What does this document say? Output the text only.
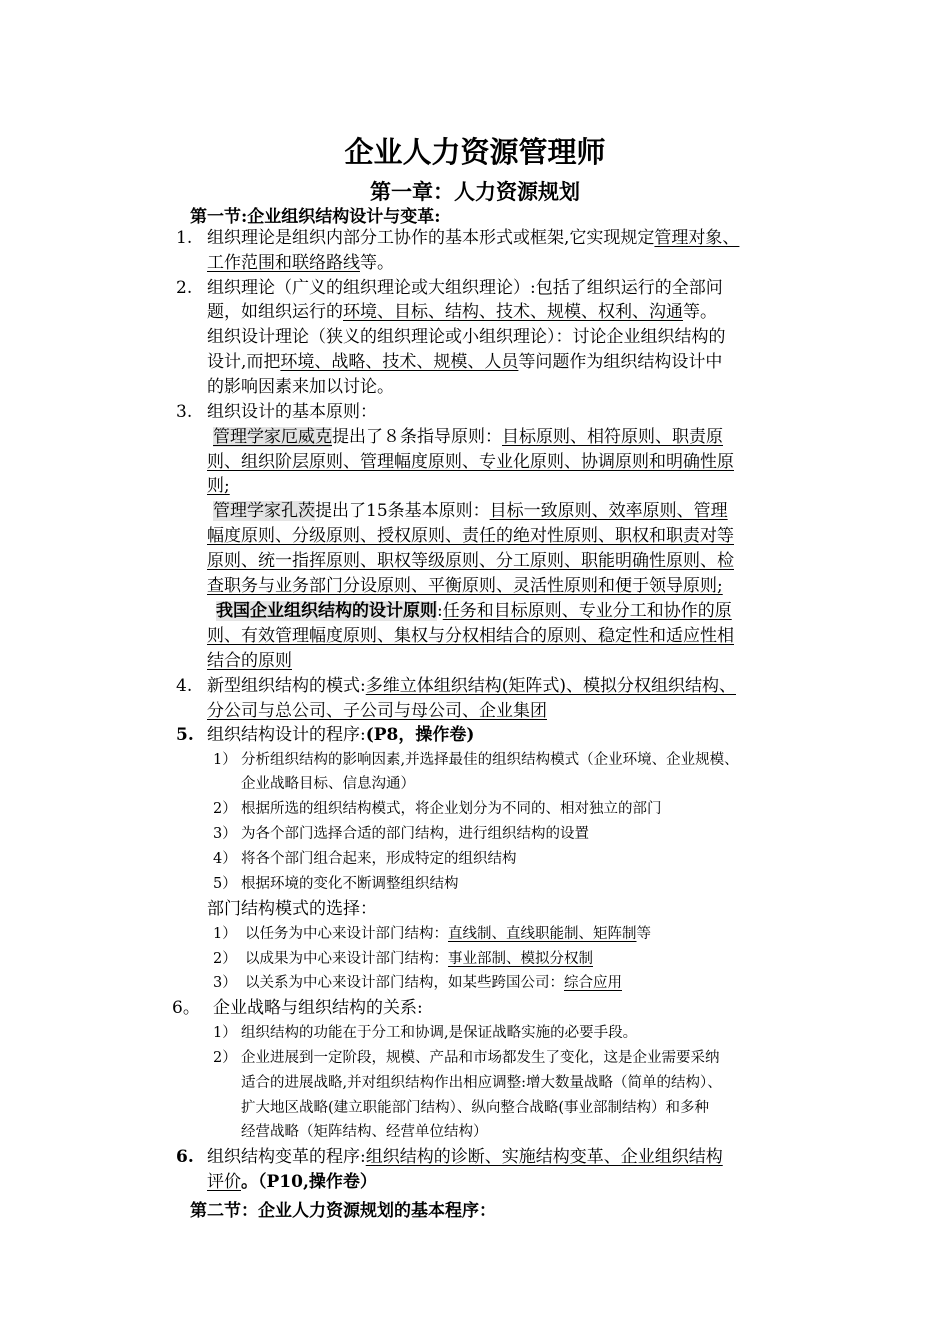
企业人力资源管理师
第一章：人力资源规划
第一节:企业组织结构设计与变革:
1. 组织理论是组织内部分工协作的基本形式或框架,它实现规定管理对象、
工作范围和联络路线等。
2. 组织理论（广义的组织理论或大组织理论）:包括了组织运行的全部问
题，如组织运行的环境、目标、结构、技术、规模、权利、沟通等。
组织设计理论（狭义的组织理论或小组织理论）：讨论企业组织结构的
设计,而把环境、战略、技术、规模、人员等问题作为组织结构设计中
的影响因素来加以讨论。
3. 组织设计的基本原则：
管理学家厄威克提出了８条指导原则：目标原则、相符原则、职责原
则、组织阶层原则、管理幅度原则、专业化原则、协调原则和明确性原
则;
管理学家孔茨提出了15条基本原则：目标一致原则、效率原则、管理
幅度原则、分级原则、授权原则、责任的绝对性原则、职权和职责对等
原则、统一指挥原则、职权等级原则、分工原则、职能明确性原则、检
查职务与业务部门分设原则、平衡原则、灵活性原则和便于领导原则;
我国企业组织结构的设计原则:任务和目标原则、专业分工和协作的原
则、有效管理幅度原则、集权与分权相结合的原则、稳定性和适应性相
结合的原则
4. 新型组织结构的模式:多维立体组织结构(矩阵式)、模拟分权组织结构、
分公司与总公司、子公司与母公司、企业集团
5. 组织结构设计的程序:(P8，操作卷)
1） 分析组织结构的影响因素,并选择最佳的组织结构模式（企业环境、企业规模、
企业战略目标、信息沟通）
2） 根据所选的组织结构模式，将企业划分为不同的、相对独立的部门
3） 为各个部门选择合适的部门结构，进行组织结构的设置
4） 将各个部门组合起来，形成特定的组织结构
5） 根据环境的变化不断调整组织结构
部门结构模式的选择：
1） 以任务为中心来设计部门结构：直线制、直线职能制、矩阵制等
2） 以成果为中心来设计部门结构：事业部制、模拟分权制
3） 以关系为中心来设计部门结构，如某些跨国公司：综合应用
6。 企业战略与组织结构的关系:
1） 组织结构的功能在于分工和协调,是保证战略实施的必要手段。
2） 企业进展到一定阶段，规模、产品和市场都发生了变化，这是企业需要采纳
适合的进展战略,并对组织结构作出相应调整:增大数量战略（简单的结构）、
扩大地区战略(建立职能部门结构）、纵向整合战略(事业部制结构）和多种
经营战略（矩阵结构、经营单位结构）
6. 组织结构变革的程序:组织结构的诊断、实施结构变革、企业组织结构
评价。（P10,操作卷）
第二节：企业人力资源规划的基本程序：
